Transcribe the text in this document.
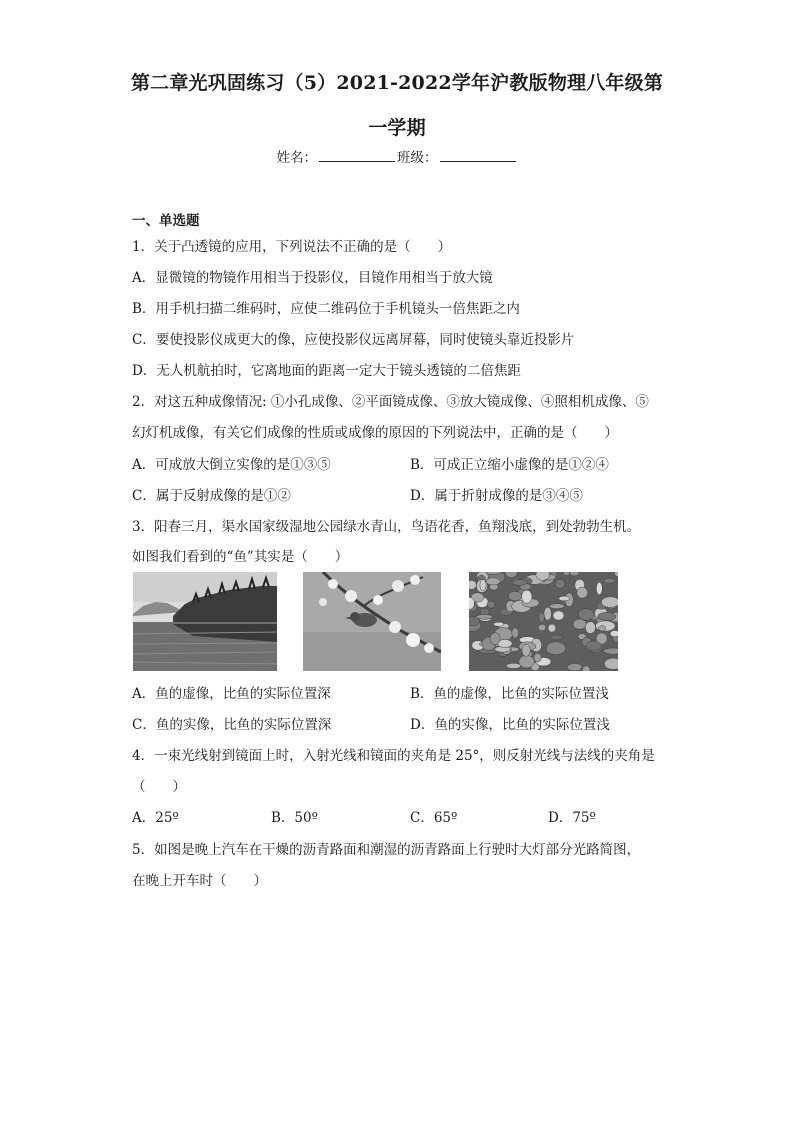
第二章光巩固练习（5）2021-2022学年沪教版物理八年级第
一学期
姓名：	班级：
一、单选题
1．关于凸透镜的应用，下列说法不正确的是（　　）
A．显微镜的物镜作用相当于投影仪，目镜作用相当于放大镜
B．用手机扫描二维码时，应使二维码位于手机镜头一倍焦距之内
C．要使投影仪成更大的像，应使投影仪远离屏幕，同时使镜头靠近投影片
D．无人机航拍时，它离地面的距离一定大于镜头透镜的二倍焦距
2．对这五种成像情况: ①小孔成像、②平面镜成像、③放大镜成像、④照相机成像、⑤
幻灯机成像，有关它们成像的性质或成像的原因的下列说法中，正确的是（　　）
A．可成放大倒立实像的是①③⑤	B．可成正立缩小虚像的是①②④
C．属于反射成像的是①②	D．属于折射成像的是③④⑤
3．阳春三月，渠水国家级湿地公园绿水青山，鸟语花香，鱼翔浅底，到处勃勃生机。
如图我们看到的“鱼”其实是（　　）
A．鱼的虚像，比鱼的实际位置深	B．鱼的虚像，比鱼的实际位置浅
C．鱼的实像，比鱼的实际位置深	D．鱼的实像，比鱼的实际位置浅
4．一束光线射到镜面上时，入射光线和镜面的夹角是 25°，则反射光线与法线的夹角是
（　　）
A．25º	B．50º	C．65º	D．75º
5．如图是晚上汽车在干燥的沥青路面和潮湿的沥青路面上行驶时大灯部分光路简图，
在晚上开车时（　　）
